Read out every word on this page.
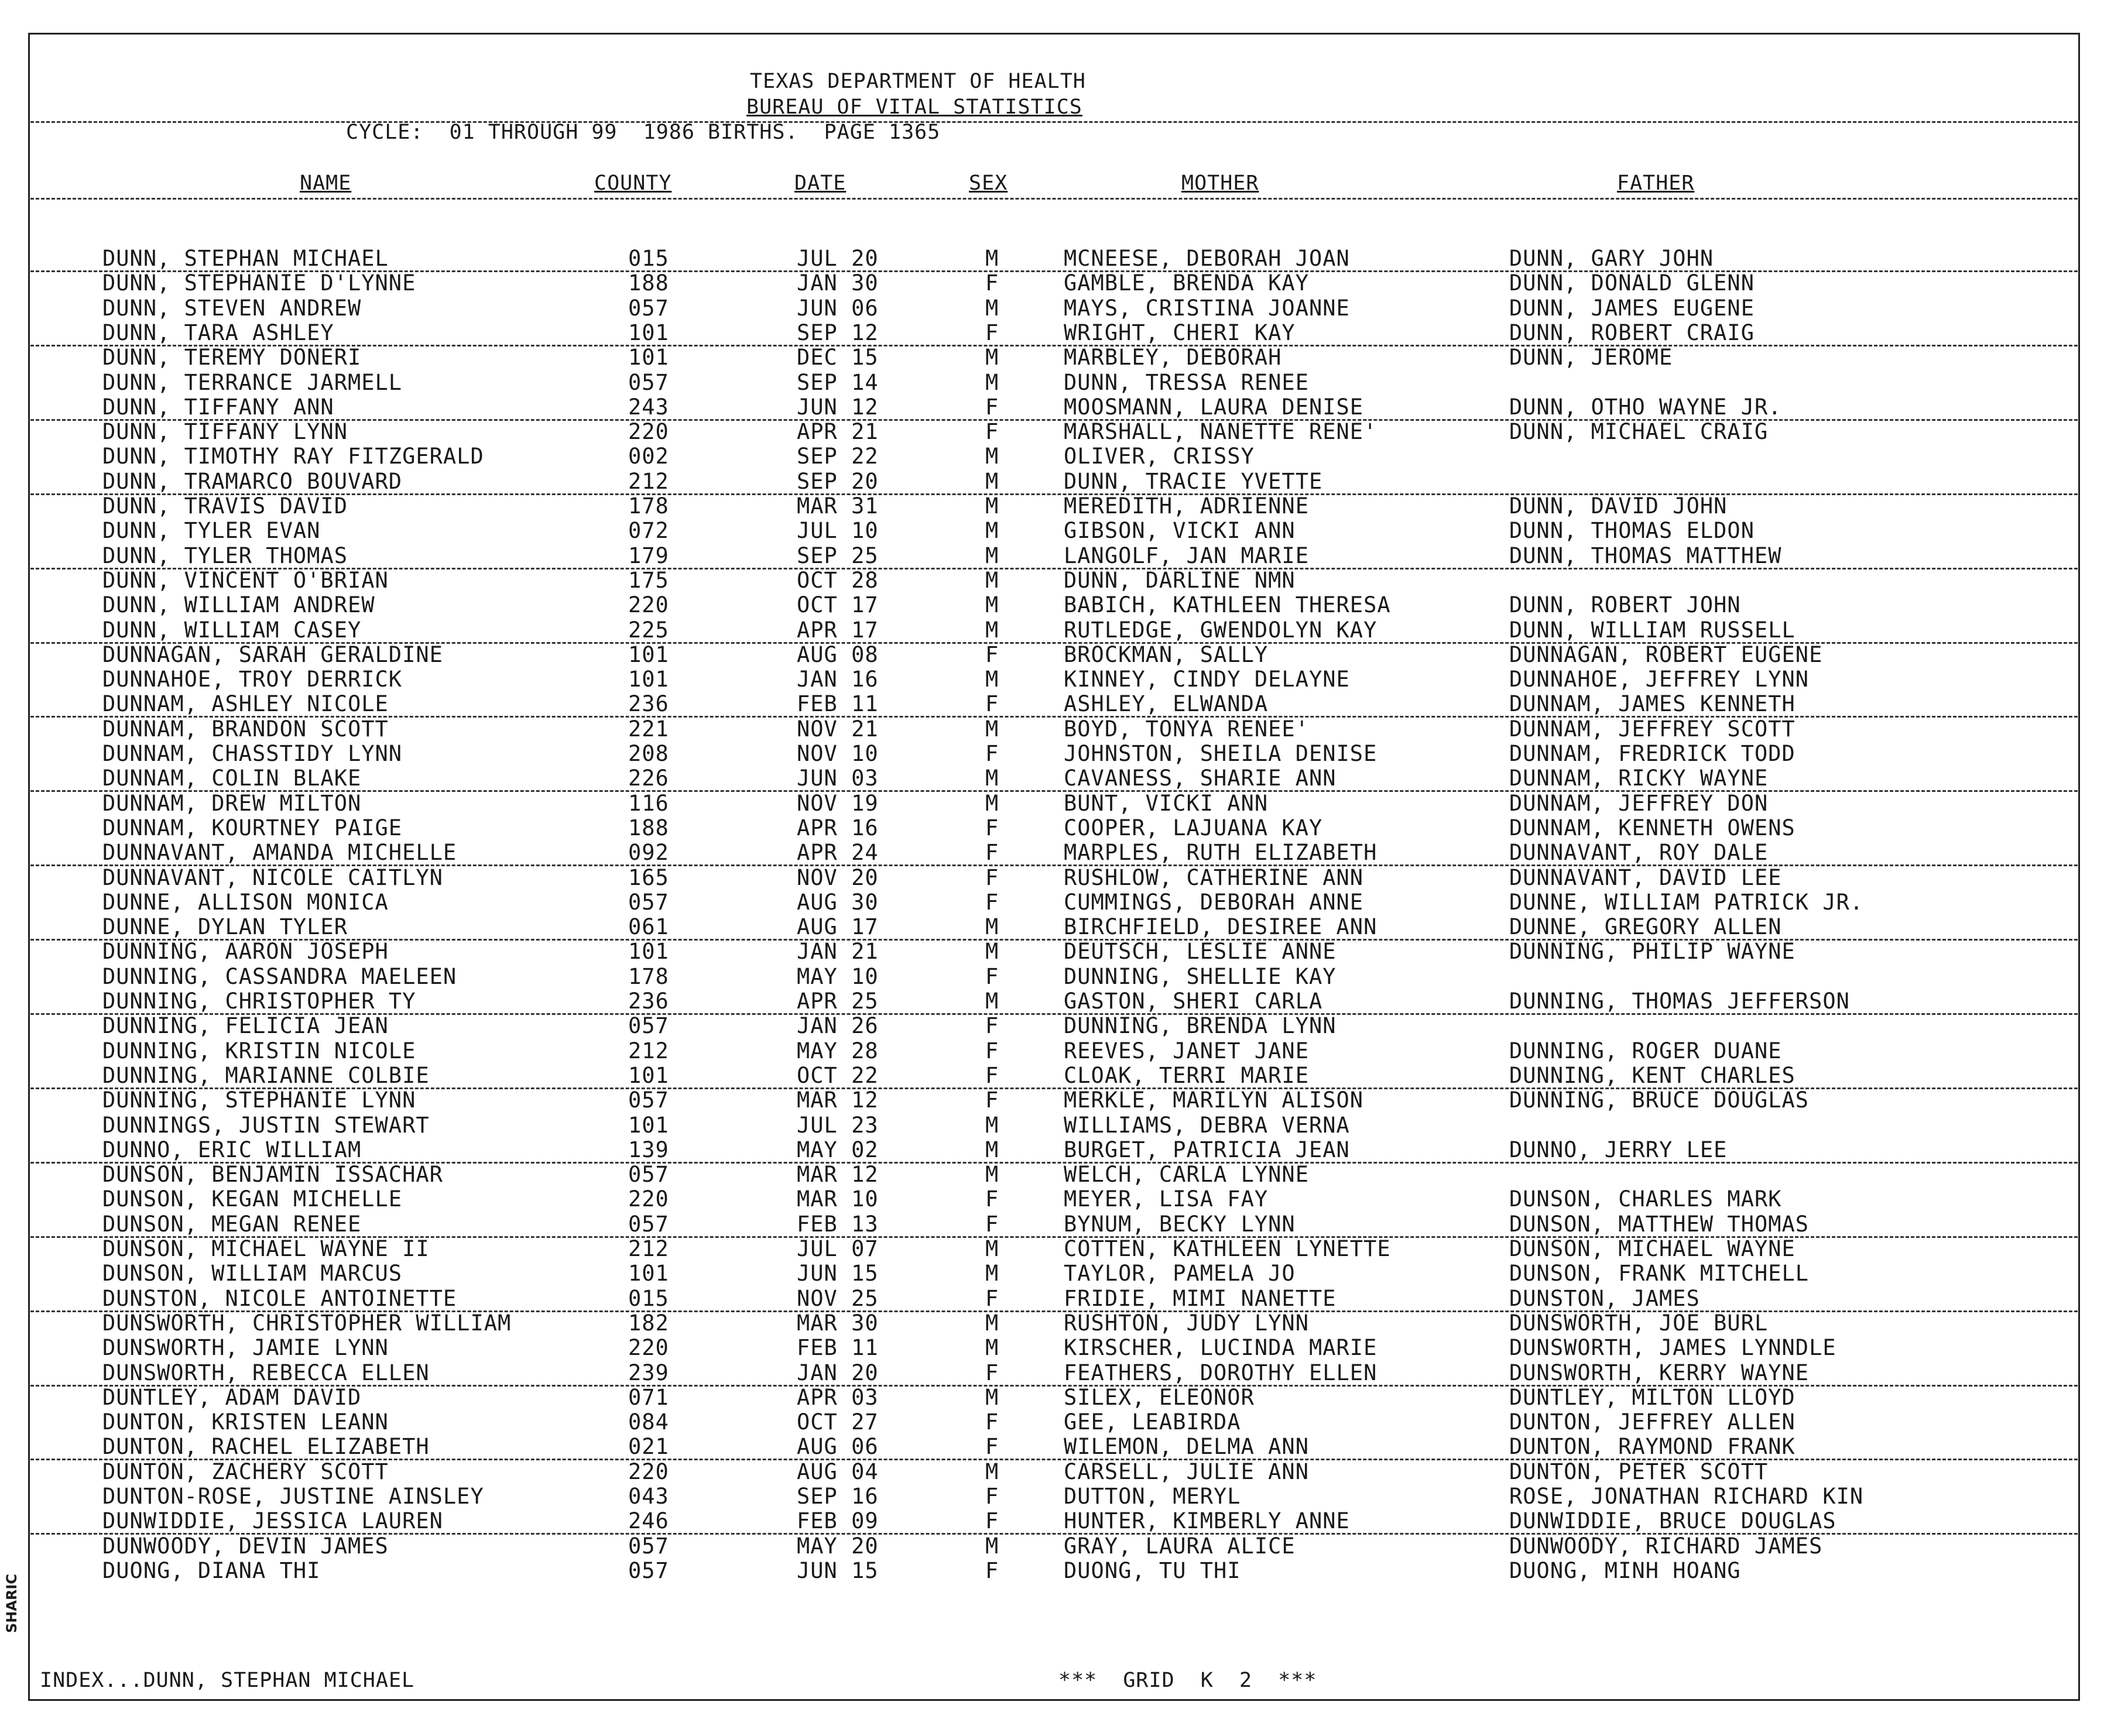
TEXAS DEPARTMENT OF HEALTH
BUREAU OF VITAL STATISTICS
CYCLE:  01 THROUGH 99  1986 BIRTHS.  PAGE 1365
NAME	COUNTY	DATE	SEX	MOTHER	FATHER
DUNN, STEPHAN MICHAEL	015	JUL 20	M	MCNEESE, DEBORAH JOAN	DUNN, GARY JOHN
DUNN, STEPHANIE D'LYNNE	188	JAN 30	F	GAMBLE, BRENDA KAY	DUNN, DONALD GLENN
DUNN, STEVEN ANDREW	057	JUN 06	M	MAYS, CRISTINA JOANNE	DUNN, JAMES EUGENE
DUNN, TARA ASHLEY	101	SEP 12	F	WRIGHT, CHERI KAY	DUNN, ROBERT CRAIG
DUNN, TEREMY DONERI	101	DEC 15	M	MARBLEY, DEBORAH	DUNN, JEROME
DUNN, TERRANCE JARMELL	057	SEP 14	M	DUNN, TRESSA RENEE
DUNN, TIFFANY ANN	243	JUN 12	F	MOOSMANN, LAURA DENISE	DUNN, OTHO WAYNE JR.
DUNN, TIFFANY LYNN	220	APR 21	F	MARSHALL, NANETTE RENE'	DUNN, MICHAEL CRAIG
DUNN, TIMOTHY RAY FITZGERALD	002	SEP 22	M	OLIVER, CRISSY
DUNN, TRAMARCO BOUVARD	212	SEP 20	M	DUNN, TRACIE YVETTE
DUNN, TRAVIS DAVID	178	MAR 31	M	MEREDITH, ADRIENNE	DUNN, DAVID JOHN
DUNN, TYLER EVAN	072	JUL 10	M	GIBSON, VICKI ANN	DUNN, THOMAS ELDON
DUNN, TYLER THOMAS	179	SEP 25	M	LANGOLF, JAN MARIE	DUNN, THOMAS MATTHEW
DUNN, VINCENT O'BRIAN	175	OCT 28	M	DUNN, DARLINE NMN
DUNN, WILLIAM ANDREW	220	OCT 17	M	BABICH, KATHLEEN THERESA	DUNN, ROBERT JOHN
DUNN, WILLIAM CASEY	225	APR 17	M	RUTLEDGE, GWENDOLYN KAY	DUNN, WILLIAM RUSSELL
DUNNAGAN, SARAH GERALDINE	101	AUG 08	F	BROCKMAN, SALLY	DUNNAGAN, ROBERT EUGENE
DUNNAHOE, TROY DERRICK	101	JAN 16	M	KINNEY, CINDY DELAYNE	DUNNAHOE, JEFFREY LYNN
DUNNAM, ASHLEY NICOLE	236	FEB 11	F	ASHLEY, ELWANDA	DUNNAM, JAMES KENNETH
DUNNAM, BRANDON SCOTT	221	NOV 21	M	BOYD, TONYA RENEE'	DUNNAM, JEFFREY SCOTT
DUNNAM, CHASSTIDY LYNN	208	NOV 10	F	JOHNSTON, SHEILA DENISE	DUNNAM, FREDRICK TODD
DUNNAM, COLIN BLAKE	226	JUN 03	M	CAVANESS, SHARIE ANN	DUNNAM, RICKY WAYNE
DUNNAM, DREW MILTON	116	NOV 19	M	BUNT, VICKI ANN	DUNNAM, JEFFREY DON
DUNNAM, KOURTNEY PAIGE	188	APR 16	F	COOPER, LAJUANA KAY	DUNNAM, KENNETH OWENS
DUNNAVANT, AMANDA MICHELLE	092	APR 24	F	MARPLES, RUTH ELIZABETH	DUNNAVANT, ROY DALE
DUNNAVANT, NICOLE CAITLYN	165	NOV 20	F	RUSHLOW, CATHERINE ANN	DUNNAVANT, DAVID LEE
DUNNE, ALLISON MONICA	057	AUG 30	F	CUMMINGS, DEBORAH ANNE	DUNNE, WILLIAM PATRICK JR.
DUNNE, DYLAN TYLER	061	AUG 17	M	BIRCHFIELD, DESIREE ANN	DUNNE, GREGORY ALLEN
DUNNING, AARON JOSEPH	101	JAN 21	M	DEUTSCH, LESLIE ANNE	DUNNING, PHILIP WAYNE
DUNNING, CASSANDRA MAELEEN	178	MAY 10	F	DUNNING, SHELLIE KAY
DUNNING, CHRISTOPHER TY	236	APR 25	M	GASTON, SHERI CARLA	DUNNING, THOMAS JEFFERSON
DUNNING, FELICIA JEAN	057	JAN 26	F	DUNNING, BRENDA LYNN
DUNNING, KRISTIN NICOLE	212	MAY 28	F	REEVES, JANET JANE	DUNNING, ROGER DUANE
DUNNING, MARIANNE COLBIE	101	OCT 22	F	CLOAK, TERRI MARIE	DUNNING, KENT CHARLES
DUNNING, STEPHANIE LYNN	057	MAR 12	F	MERKLE, MARILYN ALISON	DUNNING, BRUCE DOUGLAS
DUNNINGS, JUSTIN STEWART	101	JUL 23	M	WILLIAMS, DEBRA VERNA
DUNNO, ERIC WILLIAM	139	MAY 02	M	BURGET, PATRICIA JEAN	DUNNO, JERRY LEE
DUNSON, BENJAMIN ISSACHAR	057	MAR 12	M	WELCH, CARLA LYNNE
DUNSON, KEGAN MICHELLE	220	MAR 10	F	MEYER, LISA FAY	DUNSON, CHARLES MARK
DUNSON, MEGAN RENEE	057	FEB 13	F	BYNUM, BECKY LYNN	DUNSON, MATTHEW THOMAS
DUNSON, MICHAEL WAYNE II	212	JUL 07	M	COTTEN, KATHLEEN LYNETTE	DUNSON, MICHAEL WAYNE
DUNSON, WILLIAM MARCUS	101	JUN 15	M	TAYLOR, PAMELA JO	DUNSON, FRANK MITCHELL
DUNSTON, NICOLE ANTOINETTE	015	NOV 25	F	FRIDIE, MIMI NANETTE	DUNSTON, JAMES
DUNSWORTH, CHRISTOPHER WILLIAM	182	MAR 30	M	RUSHTON, JUDY LYNN	DUNSWORTH, JOE BURL
DUNSWORTH, JAMIE LYNN	220	FEB 11	M	KIRSCHER, LUCINDA MARIE	DUNSWORTH, JAMES LYNNDLE
DUNSWORTH, REBECCA ELLEN	239	JAN 20	F	FEATHERS, DOROTHY ELLEN	DUNSWORTH, KERRY WAYNE
DUNTLEY, ADAM DAVID	071	APR 03	M	SILEX, ELEONOR	DUNTLEY, MILTON LLOYD
DUNTON, KRISTEN LEANN	084	OCT 27	F	GEE, LEABIRDA	DUNTON, JEFFREY ALLEN
DUNTON, RACHEL ELIZABETH	021	AUG 06	F	WILEMON, DELMA ANN	DUNTON, RAYMOND FRANK
DUNTON, ZACHERY SCOTT	220	AUG 04	M	CARSELL, JULIE ANN	DUNTON, PETER SCOTT
DUNTON-ROSE, JUSTINE AINSLEY	043	SEP 16	F	DUTTON, MERYL	ROSE, JONATHAN RICHARD KIN
DUNWIDDIE, JESSICA LAUREN	246	FEB 09	F	HUNTER, KIMBERLY ANNE	DUNWIDDIE, BRUCE DOUGLAS
DUNWOODY, DEVIN JAMES	057	MAY 20	M	GRAY, LAURA ALICE	DUNWOODY, RICHARD JAMES
DUONG, DIANA THI	057	JUN 15	F	DUONG, TU THI	DUONG, MINH HOANG
SHARIC
INDEX...DUNN, STEPHAN MICHAEL	***  GRID  K  2  ***
